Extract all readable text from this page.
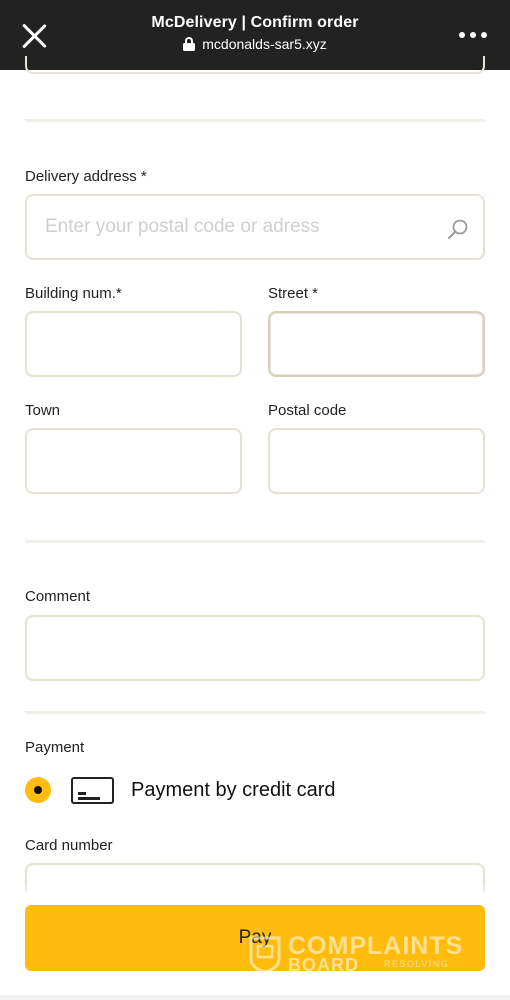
McDelivery | Confirm order
mcdonalds-sar5.xyz
Delivery address *
Enter your postal code or adress
Building num.*	Street *
Town	Postal code
Comment
Payment
Payment by credit card
Card number
Pay COMPLAINTS
BOARD	RESOLVING
